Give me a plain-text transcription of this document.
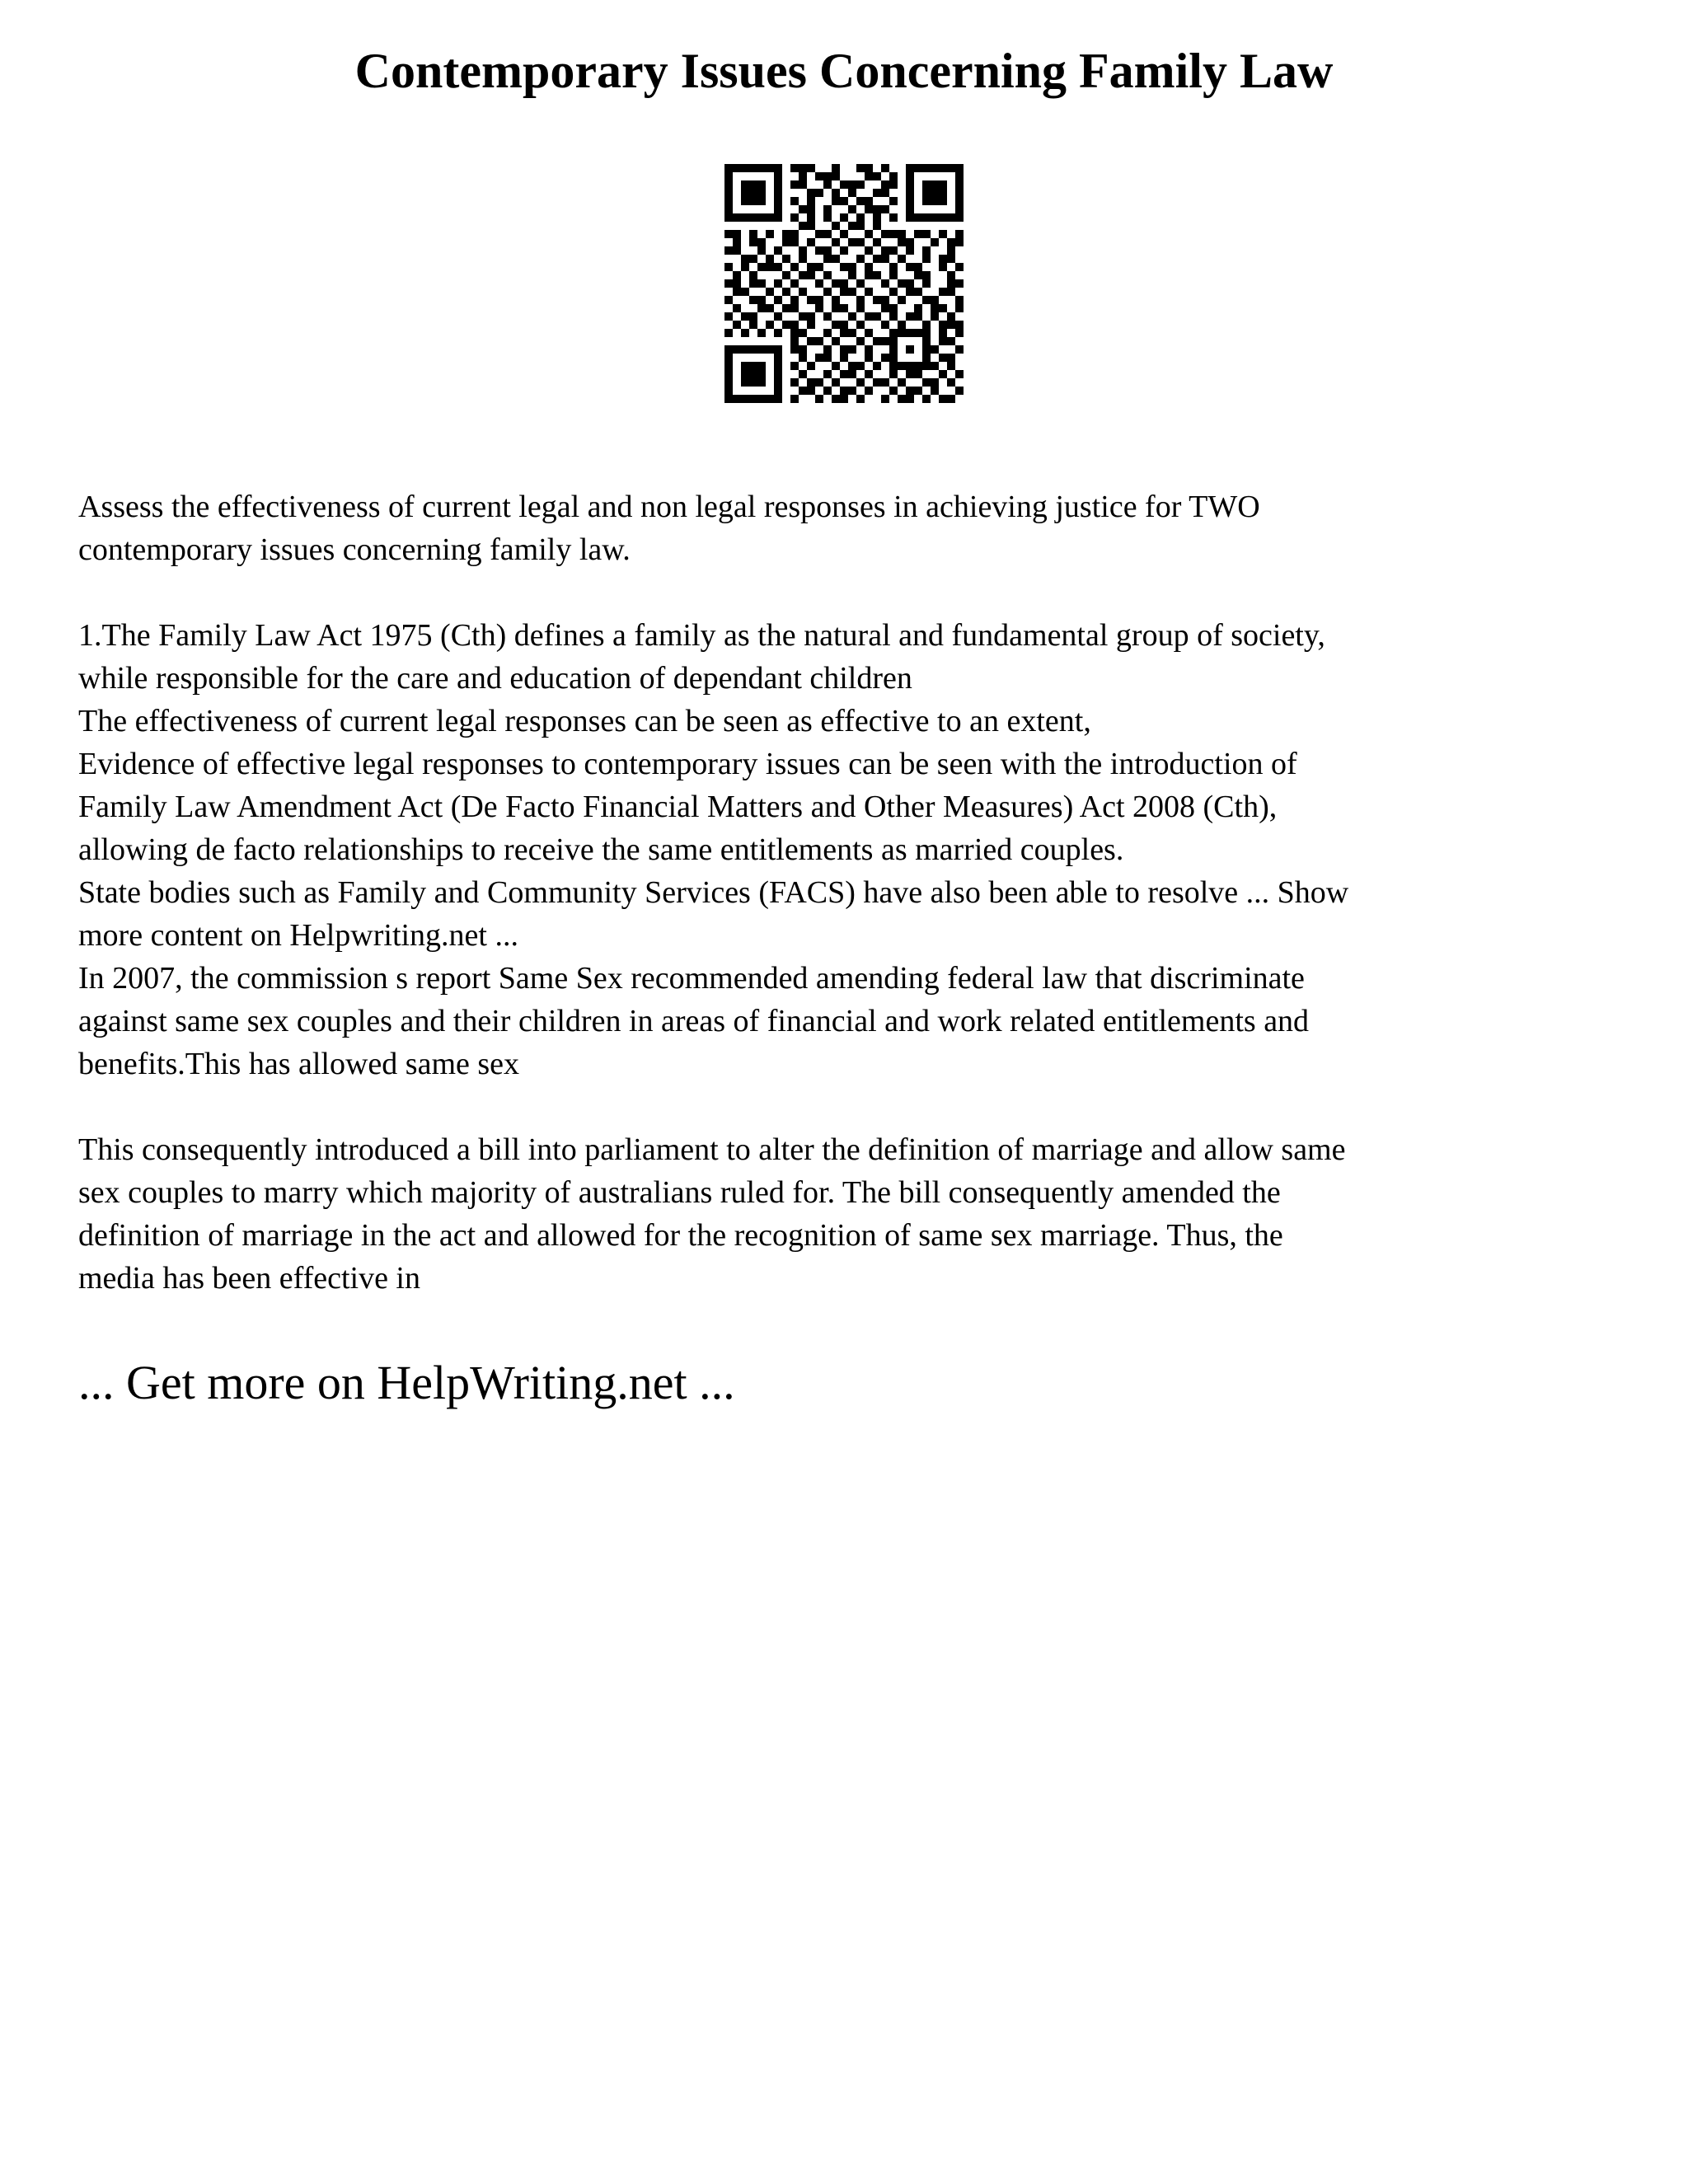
Contemporary Issues Concerning Family Law
Assess the effectiveness of current legal and non legal responses in achieving justice for TWO
contemporary issues concerning family law.
1.The Family Law Act 1975 (Cth) defines a family as the natural and fundamental group of society,
while responsible for the care and education of dependant children
The effectiveness of current legal responses can be seen as effective to an extent,
Evidence of effective legal responses to contemporary issues can be seen with the introduction of
Family Law Amendment Act (De Facto Financial Matters and Other Measures) Act 2008 (Cth),
allowing de facto relationships to receive the same entitlements as married couples.
State bodies such as Family and Community Services (FACS) have also been able to resolve ... Show
more content on Helpwriting.net ...
In 2007, the commission s report Same Sex recommended amending federal law that discriminate
against same sex couples and their children in areas of financial and work related entitlements and
benefits.This has allowed same sex
This consequently introduced a bill into parliament to alter the definition of marriage and allow same
sex couples to marry which majority of australians ruled for. The bill consequently amended the
definition of marriage in the act and allowed for the recognition of same sex marriage. Thus, the
media has been effective in
... Get more on HelpWriting.net ...
